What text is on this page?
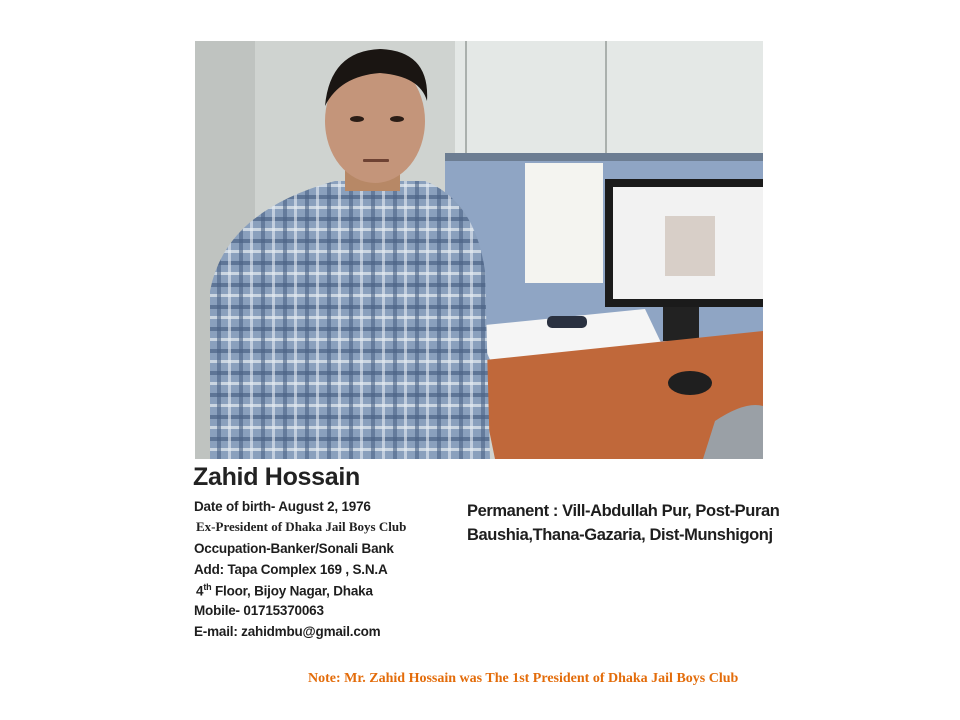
Zahid Hossain
Date of birth- August 2, 1976
Ex-President of Dhaka Jail Boys Club
Occupation-Banker/Sonali Bank
Add: Tapa Complex 169 , S.N.A
4th Floor, Bijoy Nagar, Dhaka
Mobile- 01715370063
E-mail: zahidmbu@gmail.com
Permanent : Vill-Abdullah Pur, Post-Puran
Baushia,Thana-Gazaria, Dist-Munshigonj
Note: Mr. Zahid Hossain was The 1st President of Dhaka Jail Boys Club
